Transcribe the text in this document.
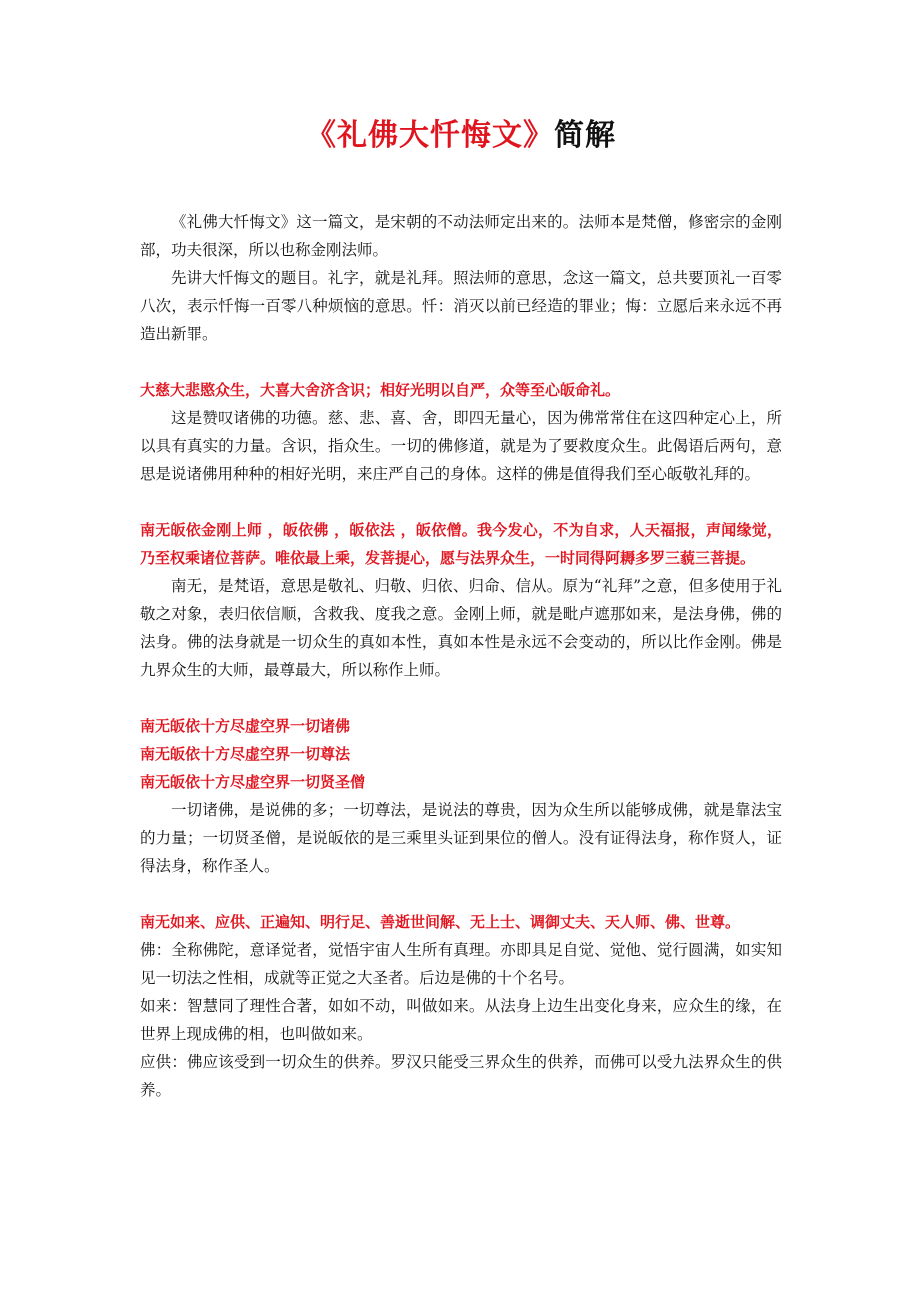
《礼佛大忏悔文》简解

《礼佛大忏悔文》这一篇文，是宋朝的不动法师定出来的。法师本是梵僧，修密宗的金刚部，功夫很深，所以也称金刚法师。

先讲大忏悔文的题目。礼字，就是礼拜。照法师的意思，念这一篇文，总共要顶礼一百零八次，表示忏悔一百零八种烦恼的意思。忏：消灭以前已经造的罪业；悔：立愿后来永远不再造出新罪。

大慈大悲愍众生，大喜大舍济含识；相好光明以自严，众等至心皈命礼。

这是赞叹诸佛的功德。慈、悲、喜、舍，即四无量心，因为佛常常住在这四种定心上，所以具有真实的力量。含识，指众生。一切的佛修道，就是为了要救度众生。此偈语后两句，意思是说诸佛用种种的相好光明，来庄严自己的身体。这样的佛是值得我们至心皈敬礼拜的。

南无皈依金刚上师 ，皈依佛 ，皈依法 ，皈依僧。我今发心，不为自求，人天福报，声闻缘觉，乃至权乘诸位菩萨。唯依最上乘，发菩提心，愿与法界众生，一时同得阿耨多罗三藐三菩提。

南无，是梵语，意思是敬礼、归敬、归依、归命、信从。原为“礼拜”之意，但多使用于礼敬之对象，表归依信顺，含救我、度我之意。金刚上师，就是毗卢遮那如来，是法身佛，佛的法身。佛的法身就是一切众生的真如本性，真如本性是永远不会变动的，所以比作金刚。佛是九界众生的大师，最尊最大，所以称作上师。

南无皈依十方尽虚空界一切诸佛

南无皈依十方尽虚空界一切尊法

南无皈依十方尽虚空界一切贤圣僧

一切诸佛，是说佛的多；一切尊法，是说法的尊贵，因为众生所以能够成佛，就是靠法宝的力量；一切贤圣僧，是说皈依的是三乘里头证到果位的僧人。没有证得法身，称作贤人，证得法身，称作圣人。

南无如来、应供、正遍知、明行足、善逝世间解、无上士、调御丈夫、天人师、佛、世尊。

佛：全称佛陀，意译觉者，觉悟宇宙人生所有真理。亦即具足自觉、觉他、觉行圆满，如实知见一切法之性相，成就等正觉之大圣者。后边是佛的十个名号。

如来：智慧同了理性合著，如如不动，叫做如来。从法身上边生出变化身来，应众生的缘，在世界上现成佛的相，也叫做如来。

应供：佛应该受到一切众生的供养。罗汉只能受三界众生的供养，而佛可以受九法界众生的供养。
